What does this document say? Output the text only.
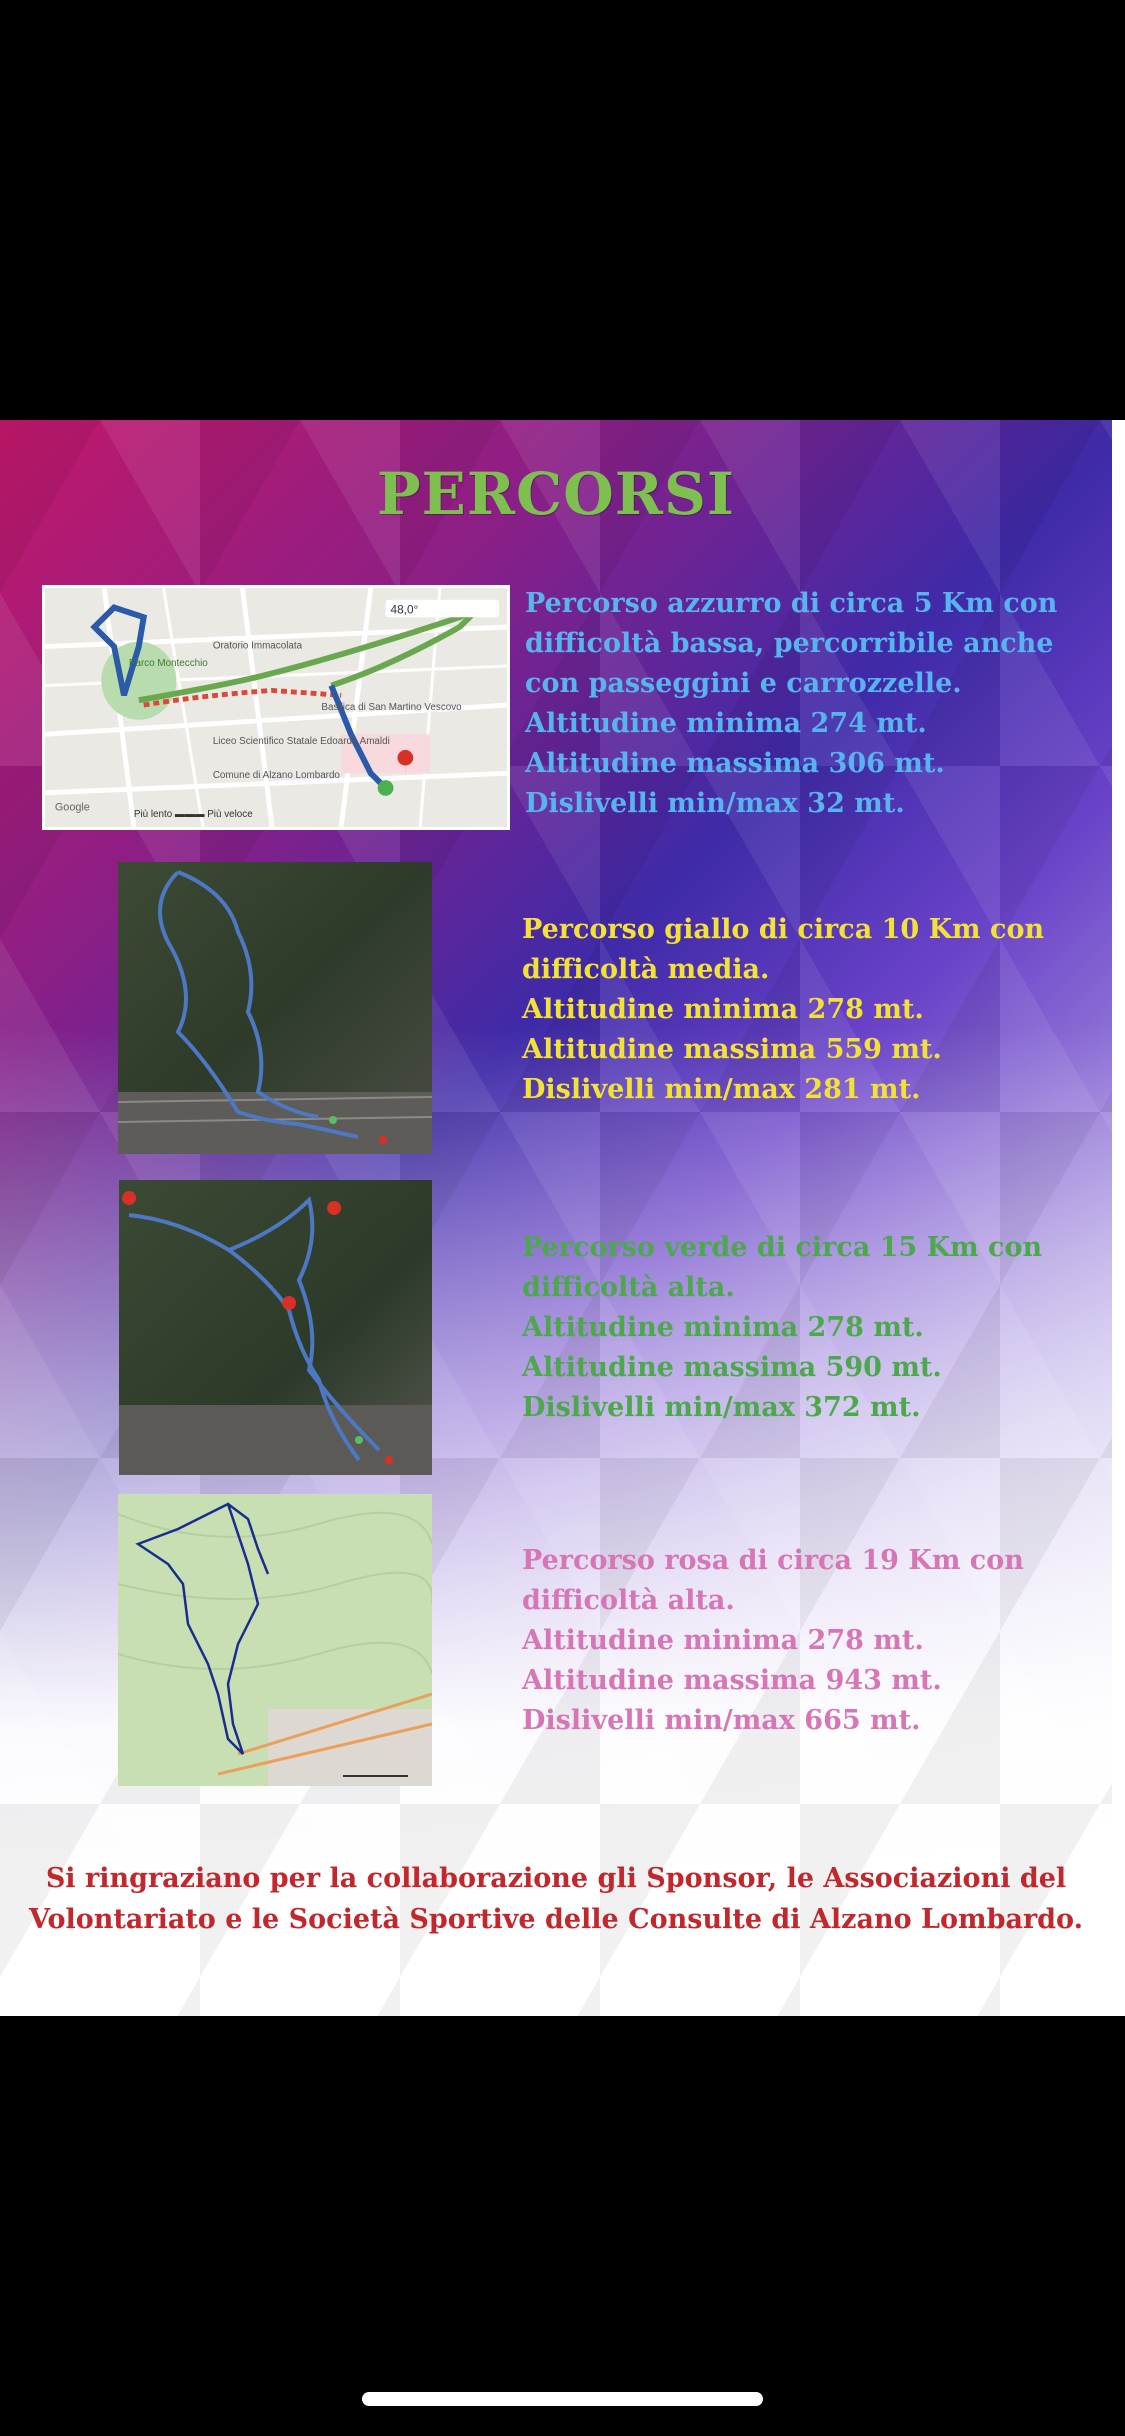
PERCORSI
48,0°
Più lento ▬▬▬ Più veloce
Parco Montecchio
Oratorio Immacolata
Liceo Scientifico Statale Edoardo Amaldi
Comune di Alzano Lombardo
Basilica di San Martino Vescovo
Google
Percorso azzurro di circa 5 Km con
difficoltà bassa, percorribile anche
con passeggini e carrozzelle.
Altitudine minima 274 mt.
Altitudine massima 306 mt.
Dislivelli min/max 32 mt.
Percorso giallo di circa 10 Km con
difficoltà media.
Altitudine minima 278 mt.
Altitudine massima 559 mt.
Dislivelli min/max 281 mt.
Percorso verde di circa 15 Km con
difficoltà alta.
Altitudine minima 278 mt.
Altitudine massima 590 mt.
Dislivelli min/max 372 mt.
Percorso rosa di circa 19 Km con
difficoltà alta.
Altitudine minima 278 mt.
Altitudine massima 943 mt.
Dislivelli min/max 665 mt.
Si ringraziano per la collaborazione gli Sponsor, le Associazioni del
Volontariato e le Società Sportive delle Consulte di Alzano Lombardo.
